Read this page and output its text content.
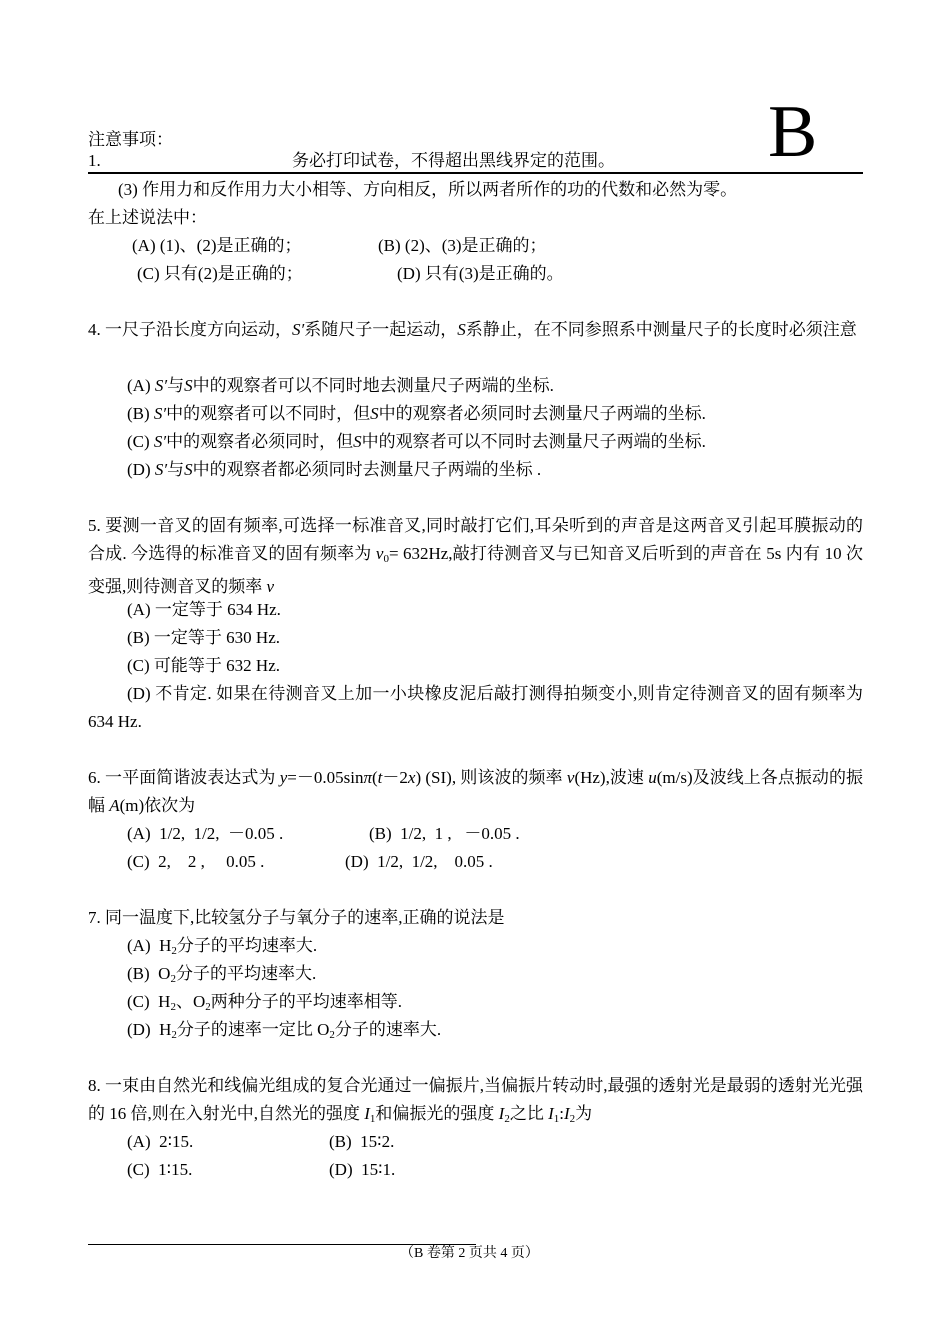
注意事项：
1.	务必打印试卷，不得超出黑线界定的范围。 B
(3) 作用力和反作用力大小相等、方向相反，所以两者所作的功的代数和必然为零。
在上述说法中：
(A) (1)、(2)是正确的；	(B) (2)、(3)是正确的；
(C) 只有(2)是正确的；	(D) 只有(3)是正确的。
4. 一尺子沿长度方向运动，S′系随尺子一起运动，S系静止，在不同参照系中测量尺子的长度时必须注意
(A) S′与S中的观察者可以不同时地去测量尺子两端的坐标.
(B) S′中的观察者可以不同时，但S中的观察者必须同时去测量尺子两端的坐标.
(C) S′中的观察者必须同时，但S中的观察者可以不同时去测量尺子两端的坐标.
(D) S′与S中的观察者都必须同时去测量尺子两端的坐标 .
5. 要测一音叉的固有频率,可选择一标准音叉,同时敲打它们,耳朵听到的声音是这两音叉引起耳膜振动的合成. 今选得的标准音叉的固有频率为 $\nu_0= 632Hz$,敲打待测音叉与已知音叉后听到的声音在 5s 内有 10 次变强,则待测音叉的频率 ν
(A) 一定等于 634 Hz.
(B) 一定等于 630 Hz.
(C) 可能等于 632 Hz.
(D) 不肯定. 如果在待测音叉上加一小块橡皮泥后敲打测得拍频变小,则肯定待测音叉的固有频率为 634 Hz.
6. 一平面简谐波表达式为 y=－0.05sinπ(t－2x) (SI), 则该波的频率 ν(Hz),波速 u(m/s)及波线上各点振动的振幅 A(m)依次为
(A)  1/2,  1/2,  －0.05 .	(B)  1/2,  1 ,   －0.05 .
(C)  2,    2 ,     0.05 .	(D)  1/2,  1/2,    0.05 .
7. 同一温度下,比较氢分子与氧分子的速率,正确的说法是
(A)  $H_2$分子的平均速率大.
(B)  $O_2$分子的平均速率大.
(C)  $H_2$、$O_2$两种分子的平均速率相等.
(D)  $H_2$分子的速率一定比 $O_2$分子的速率大.
8. 一束由自然光和线偏光组成的复合光通过一偏振片,当偏振片转动时,最强的透射光是最弱的透射光光强的 16 倍,则在入射光中,自然光的强度 $I_1$和偏振光的强度 $I_2$之比 $I_1:I_2$为
(A)  2∶15.	(B)  15∶2.
(C)  1∶15.	(D)  15∶1.
（B 卷第 2 页共 4 页）
